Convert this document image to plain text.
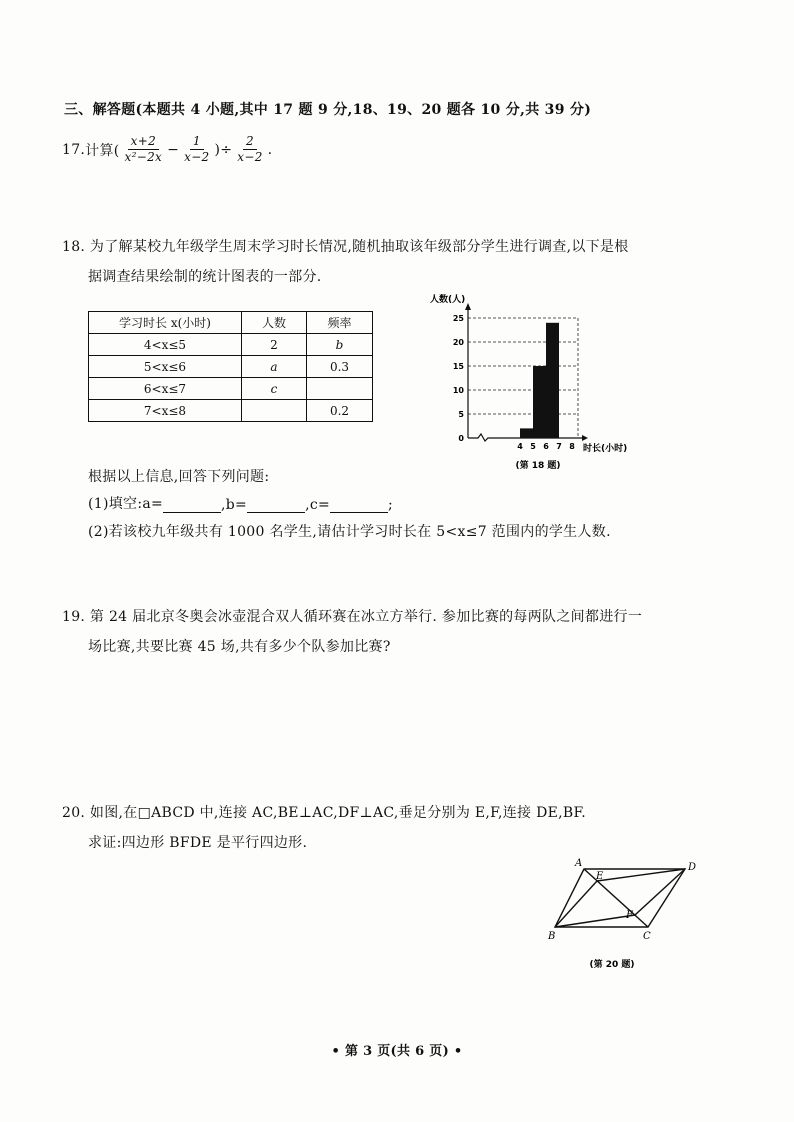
三、解答题(本题共 4 小题,其中 17 题 9 分,18、19、20 题各 10 分,共 39 分)
17. 计算( $\frac{x+2}{\text{x²−2x}} - \frac{1}{x-2}$ )÷ $\frac{2}{x-2}$ .
18. 为了解某校九年级学生周末学习时长情况,随机抽取该年级部分学生进行调查,以下是根
据调查结果绘制的统计图表的一部分.
学习时长 x(小时)	人数	频率
4<x≤5	2	b
5<x≤6	a	0.3
6<x≤7	c	
7<x≤8		0.2
人数(人)
0
5
10
15
20
25
4 5 6 7 8 时长(小时)
(第 18 题)
根据以上信息,回答下列问题:
(1)填空:a=	,b=	,c=	;
(2)若该校九年级共有 1000 名学生,请估计学习时长在 5<x≤7 范围内的学生人数.
19. 第 24 届北京冬奥会冰壶混合双人循环赛在冰立方举行. 参加比赛的每两队之间都进行一
场比赛,共要比赛 45 场,共有多少个队参加比赛?
20. 如图,在□ABCD 中,连接 AC,BE⊥AC,DF⊥AC,垂足分别为 E,F,连接 DE,BF.
求证:四边形 BFDE 是平行四边形.
A	D
E
F
B	C
(第 20 题)
• 第 3 页(共 6 页) •
